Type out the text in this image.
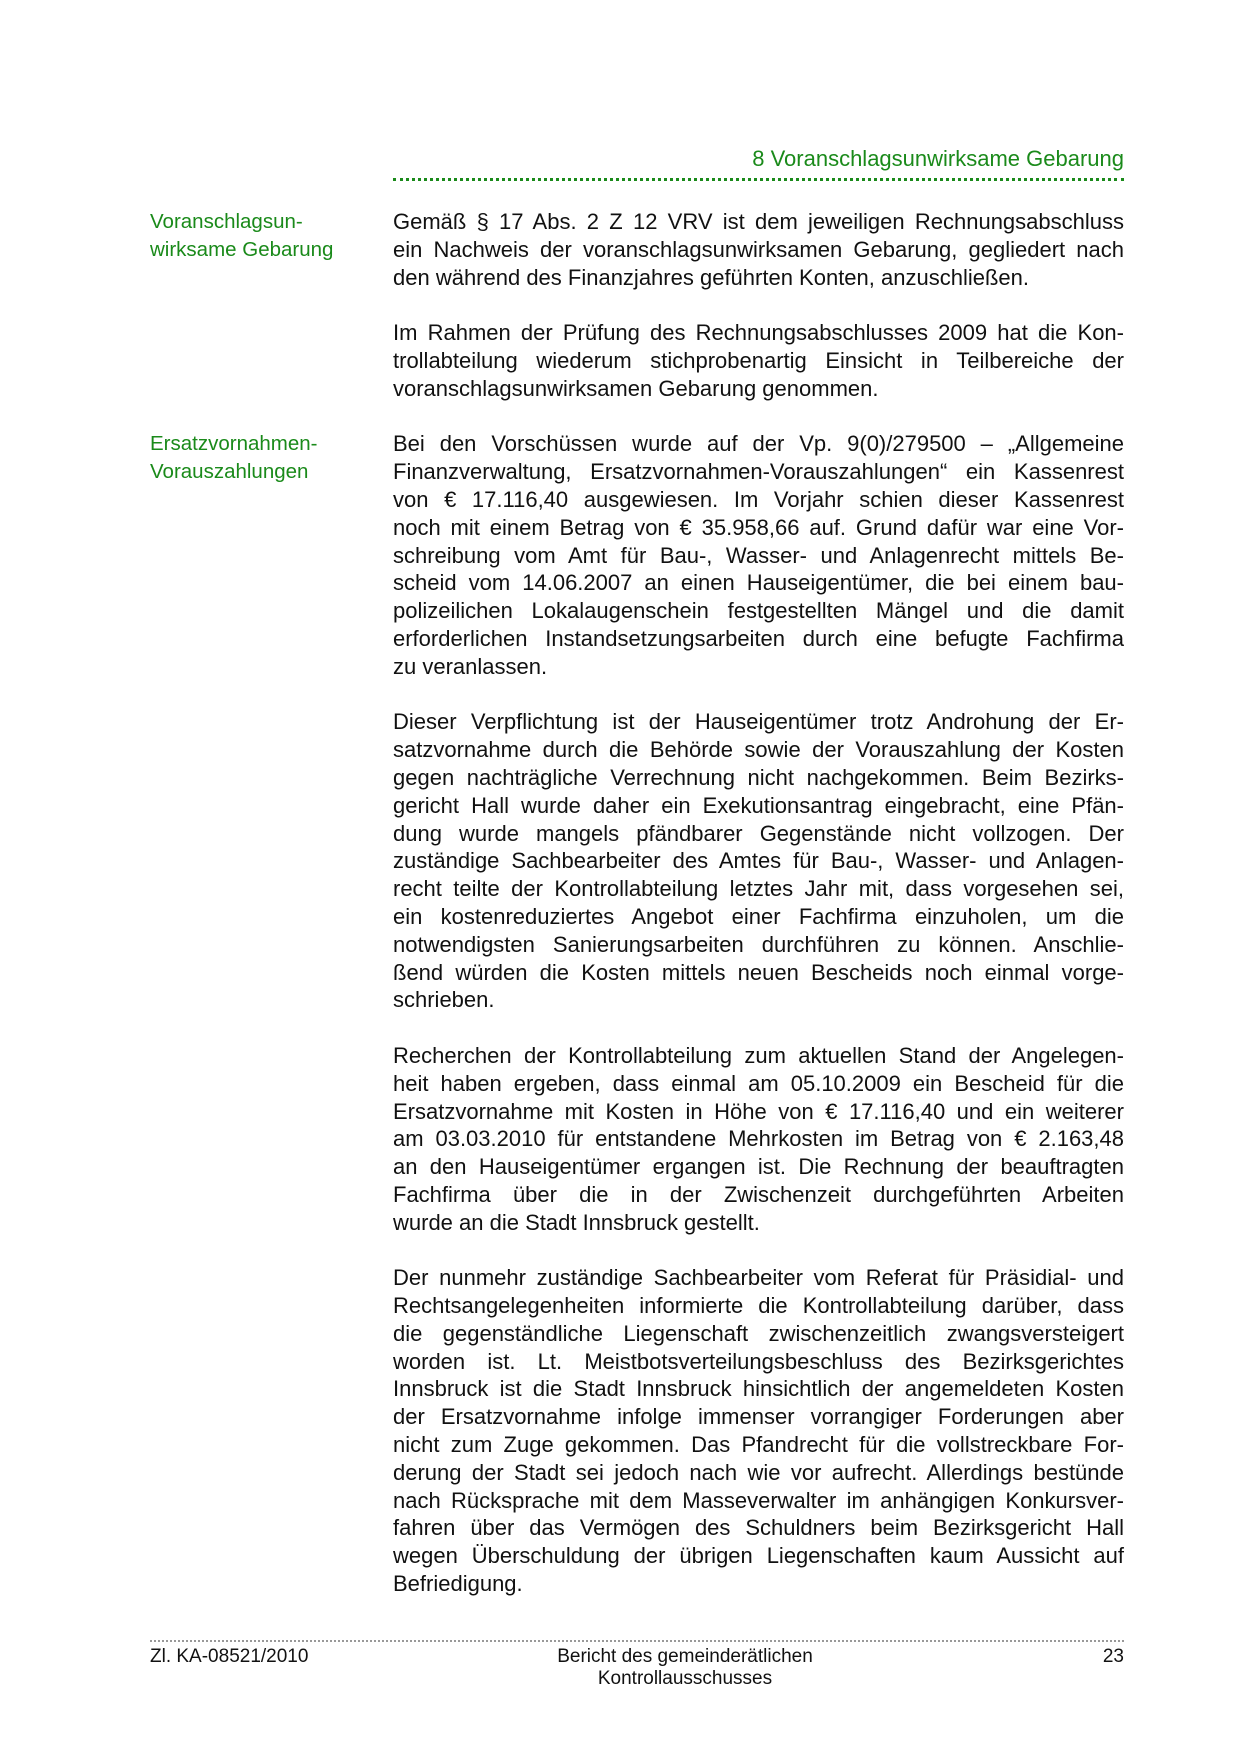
8 Voranschlagsunwirksame Gebarung
Voranschlagsun-
wirksame Gebarung
Ersatzvornahmen-
Vorauszahlungen
Gemäß § 17 Abs. 2 Z 12 VRV ist dem jeweiligen Rechnungsabschluss
ein Nachweis der voranschlagsunwirksamen Gebarung, gegliedert nach
den während des Finanzjahres geführten Konten, anzuschließen.
Im Rahmen der Prüfung des Rechnungsabschlusses 2009 hat die Kon-
trollabteilung wiederum stichprobenartig Einsicht in Teilbereiche der
voranschlagsunwirksamen Gebarung genommen.
Bei den Vorschüssen wurde auf der Vp. 9(0)/279500 – „Allgemeine
Finanzverwaltung, Ersatzvornahmen-Vorauszahlungen“ ein Kassenrest
von € 17.116,40 ausgewiesen. Im Vorjahr schien dieser Kassenrest
noch mit einem Betrag von € 35.958,66 auf. Grund dafür war eine Vor-
schreibung vom Amt für Bau-, Wasser- und Anlagenrecht mittels Be-
scheid vom 14.06.2007 an einen Hauseigentümer, die bei einem bau-
polizeilichen Lokalaugenschein festgestellten Mängel und die damit
erforderlichen Instandsetzungsarbeiten durch eine befugte Fachfirma
zu veranlassen.
Dieser Verpflichtung ist der Hauseigentümer trotz Androhung der Er-
satzvornahme durch die Behörde sowie der Vorauszahlung der Kosten
gegen nachträgliche Verrechnung nicht nachgekommen. Beim Bezirks-
gericht Hall wurde daher ein Exekutionsantrag eingebracht, eine Pfän-
dung wurde mangels pfändbarer Gegenstände nicht vollzogen. Der
zuständige Sachbearbeiter des Amtes für Bau-, Wasser- und Anlagen-
recht teilte der Kontrollabteilung letztes Jahr mit, dass vorgesehen sei,
ein kostenreduziertes Angebot einer Fachfirma einzuholen, um die
notwendigsten Sanierungsarbeiten durchführen zu können. Anschlie-
ßend würden die Kosten mittels neuen Bescheids noch einmal vorge-
schrieben.
Recherchen der Kontrollabteilung zum aktuellen Stand der Angelegen-
heit haben ergeben, dass einmal am 05.10.2009 ein Bescheid für die
Ersatzvornahme mit Kosten in Höhe von € 17.116,40 und ein weiterer
am 03.03.2010 für entstandene Mehrkosten im Betrag von € 2.163,48
an den Hauseigentümer ergangen ist. Die Rechnung der beauftragten
Fachfirma über die in der Zwischenzeit durchgeführten Arbeiten
wurde an die Stadt Innsbruck gestellt.
Der nunmehr zuständige Sachbearbeiter vom Referat für Präsidial- und
Rechtsangelegenheiten informierte die Kontrollabteilung darüber, dass
die gegenständliche Liegenschaft zwischenzeitlich zwangsversteigert
worden ist. Lt. Meistbotsverteilungsbeschluss des Bezirksgerichtes
Innsbruck ist die Stadt Innsbruck hinsichtlich der angemeldeten Kosten
der Ersatzvornahme infolge immenser vorrangiger Forderungen aber
nicht zum Zuge gekommen. Das Pfandrecht für die vollstreckbare For-
derung der Stadt sei jedoch nach wie vor aufrecht. Allerdings bestünde
nach Rücksprache mit dem Masseverwalter im anhängigen Konkursver-
fahren über das Vermögen des Schuldners beim Bezirksgericht Hall
wegen Überschuldung der übrigen Liegenschaften kaum Aussicht auf
Befriedigung.
Zl. KA-08521/2010	Bericht des gemeinderätlichen Kontrollausschusses
23
